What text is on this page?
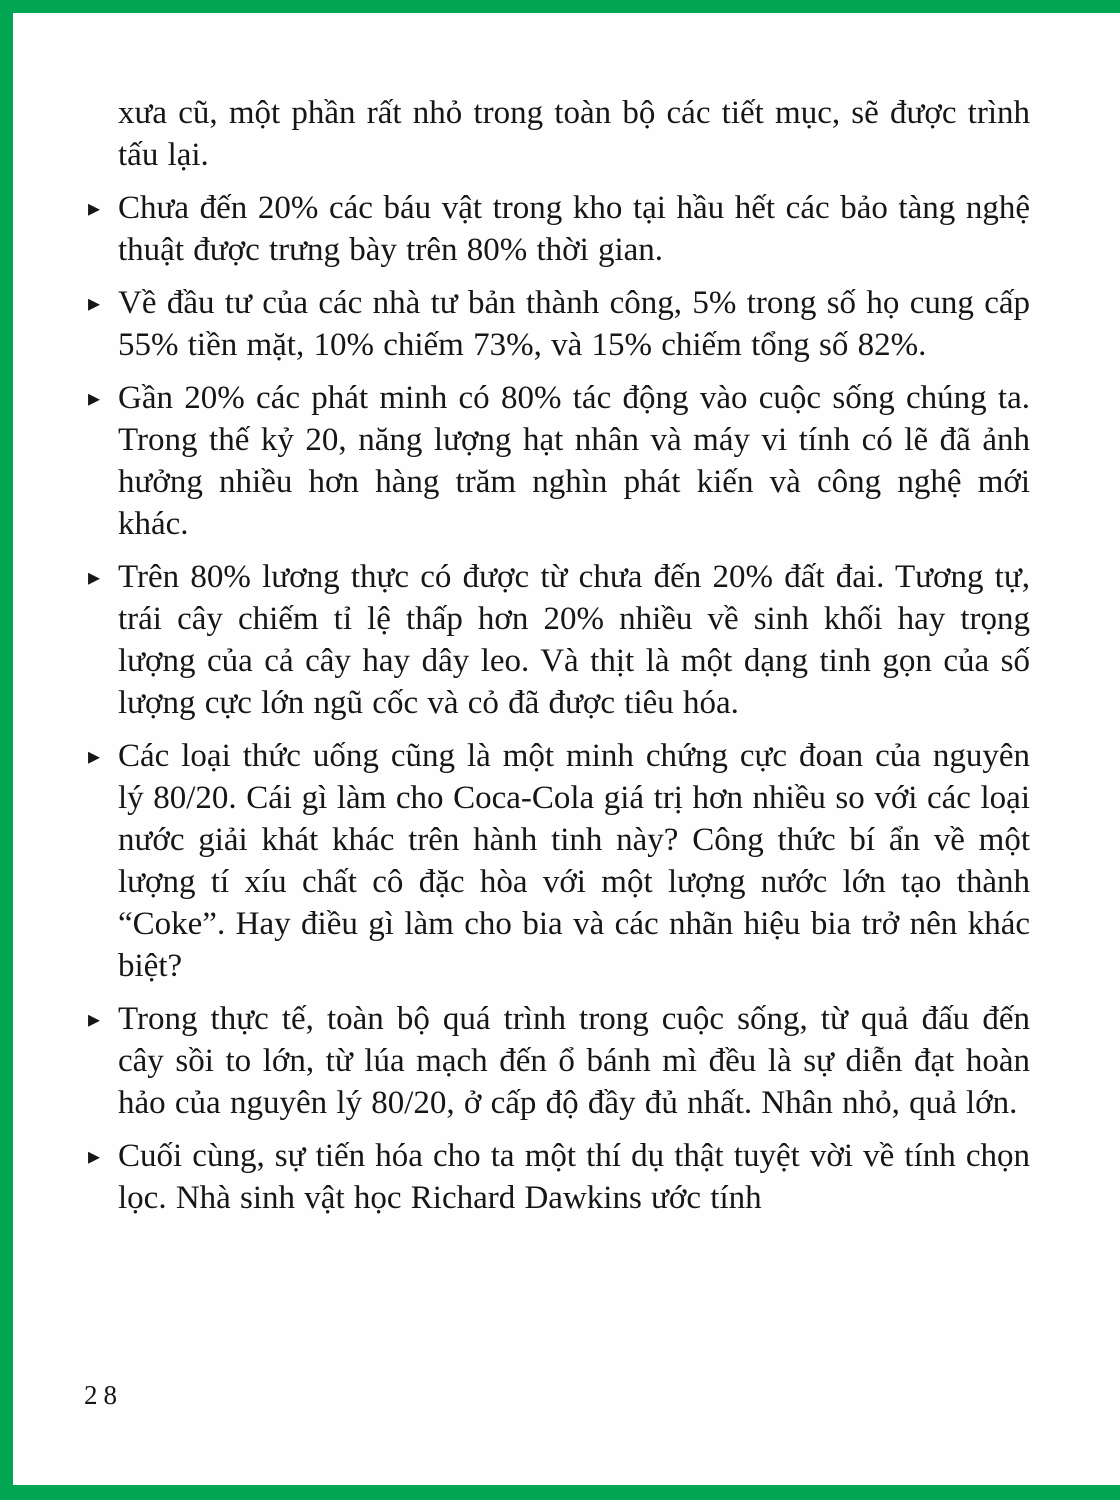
xưa cũ, một phần rất nhỏ trong toàn bộ các tiết mục, sẽ được trình tấu lại.
▸ Chưa đến 20% các báu vật trong kho tại hầu hết các bảo tàng nghệ thuật được trưng bày trên 80% thời gian.
▸ Về đầu tư của các nhà tư bản thành công, 5% trong số họ cung cấp 55% tiền mặt, 10% chiếm 73%, và 15% chiếm tổng số 82%.
▸ Gần 20% các phát minh có 80% tác động vào cuộc sống chúng ta. Trong thế kỷ 20, năng lượng hạt nhân và máy vi tính có lẽ đã ảnh hưởng nhiều hơn hàng trăm nghìn phát kiến và công nghệ mới khác.
▸ Trên 80% lương thực có được từ chưa đến 20% đất đai. Tương tự, trái cây chiếm tỉ lệ thấp hơn 20% nhiều về sinh khối hay trọng lượng của cả cây hay dây leo. Và thịt là một dạng tinh gọn của số lượng cực lớn ngũ cốc và cỏ đã được tiêu hóa.
▸ Các loại thức uống cũng là một minh chứng cực đoan của nguyên lý 80/20. Cái gì làm cho Coca-Cola giá trị hơn nhiều so với các loại nước giải khát khác trên hành tinh này? Công thức bí ẩn về một lượng tí xíu chất cô đặc hòa với một lượng nước lớn tạo thành “Coke”. Hay điều gì làm cho bia và các nhãn hiệu bia trở nên khác biệt?
▸ Trong thực tế, toàn bộ quá trình trong cuộc sống, từ quả đấu đến cây sồi to lớn, từ lúa mạch đến ổ bánh mì đều là sự diễn đạt hoàn hảo của nguyên lý 80/20, ở cấp độ đầy đủ nhất. Nhân nhỏ, quả lớn.
▸ Cuối cùng, sự tiến hóa cho ta một thí dụ thật tuyệt vời về tính chọn lọc. Nhà sinh vật học Richard Dawkins ước tính
28
